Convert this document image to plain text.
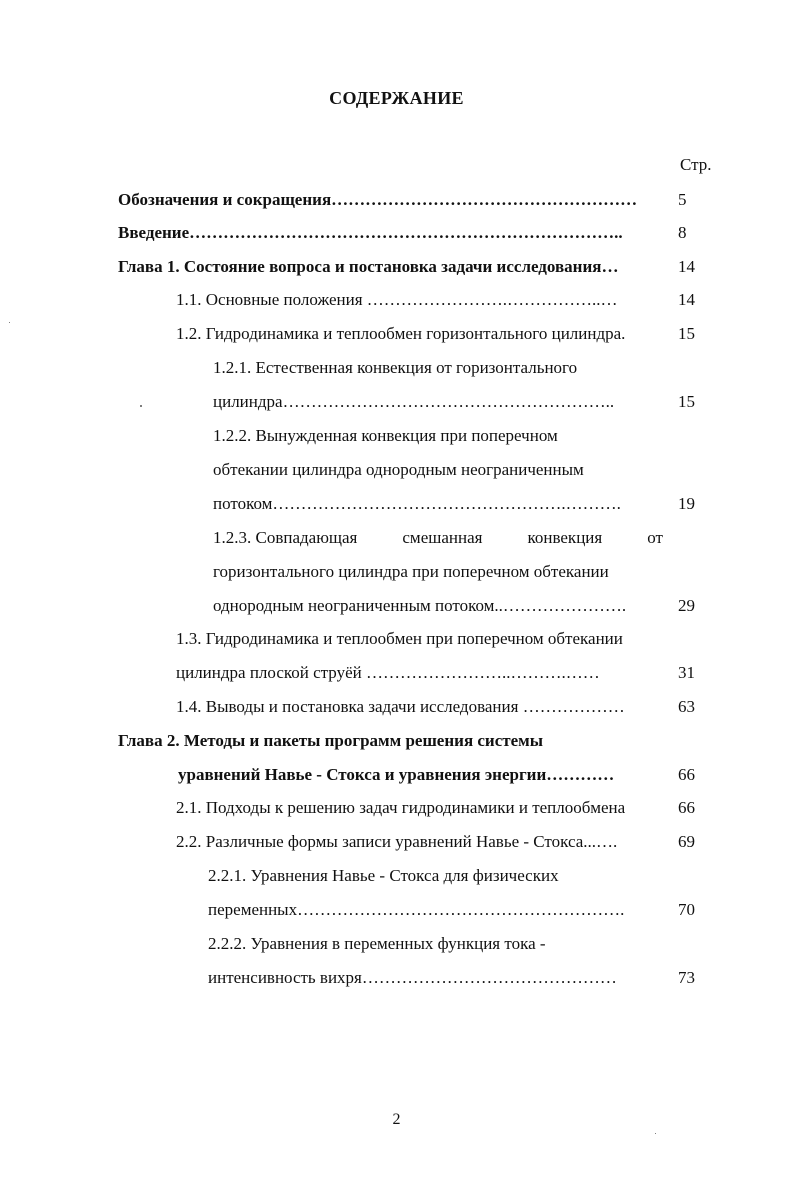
СОДЕРЖАНИЕ
Стр.
Обозначения и сокращения……………………………………………… 5
Введение…………………………………………………………………..	8
Глава 1. Состояние вопроса и постановка задачи исследования…	14
1.1. Основные положения …………………….……………..…	14
1.2. Гидродинамика и теплообмен горизонтального цилиндра.	15
1.2.1. Естественная конвекция от горизонтального
цилиндра…………………………………………………..	15
1.2.2. Вынужденная конвекция при поперечном
обтекании цилиндра однородным неограниченным
потоком…………………………………………….……….	19
1.2.3. Совпадающая	смешанная	конвекция	от
горизонтального цилиндра при поперечном обтекании
однородным неограниченным потоком..………………….	29
1.3. Гидродинамика и теплообмен при поперечном обтекании
цилиндра плоской струёй ……………………..……….……	31
1.4. Выводы и постановка задачи исследования ………………	63
Глава 2. Методы и пакеты программ решения системы
уравнений Навье - Стокса и уравнения энергии…………	66
2.1. Подходы к решению задач гидродинамики и теплообмена	66
2.2. Различные формы записи уравнений Навье - Стокса...….	69
2.2.1. Уравнения Навье - Стокса для физических
переменных………………………………………………….	70
2.2.2. Уравнения в переменных функция тока -
интенсивность вихря………………………………………	73
2
